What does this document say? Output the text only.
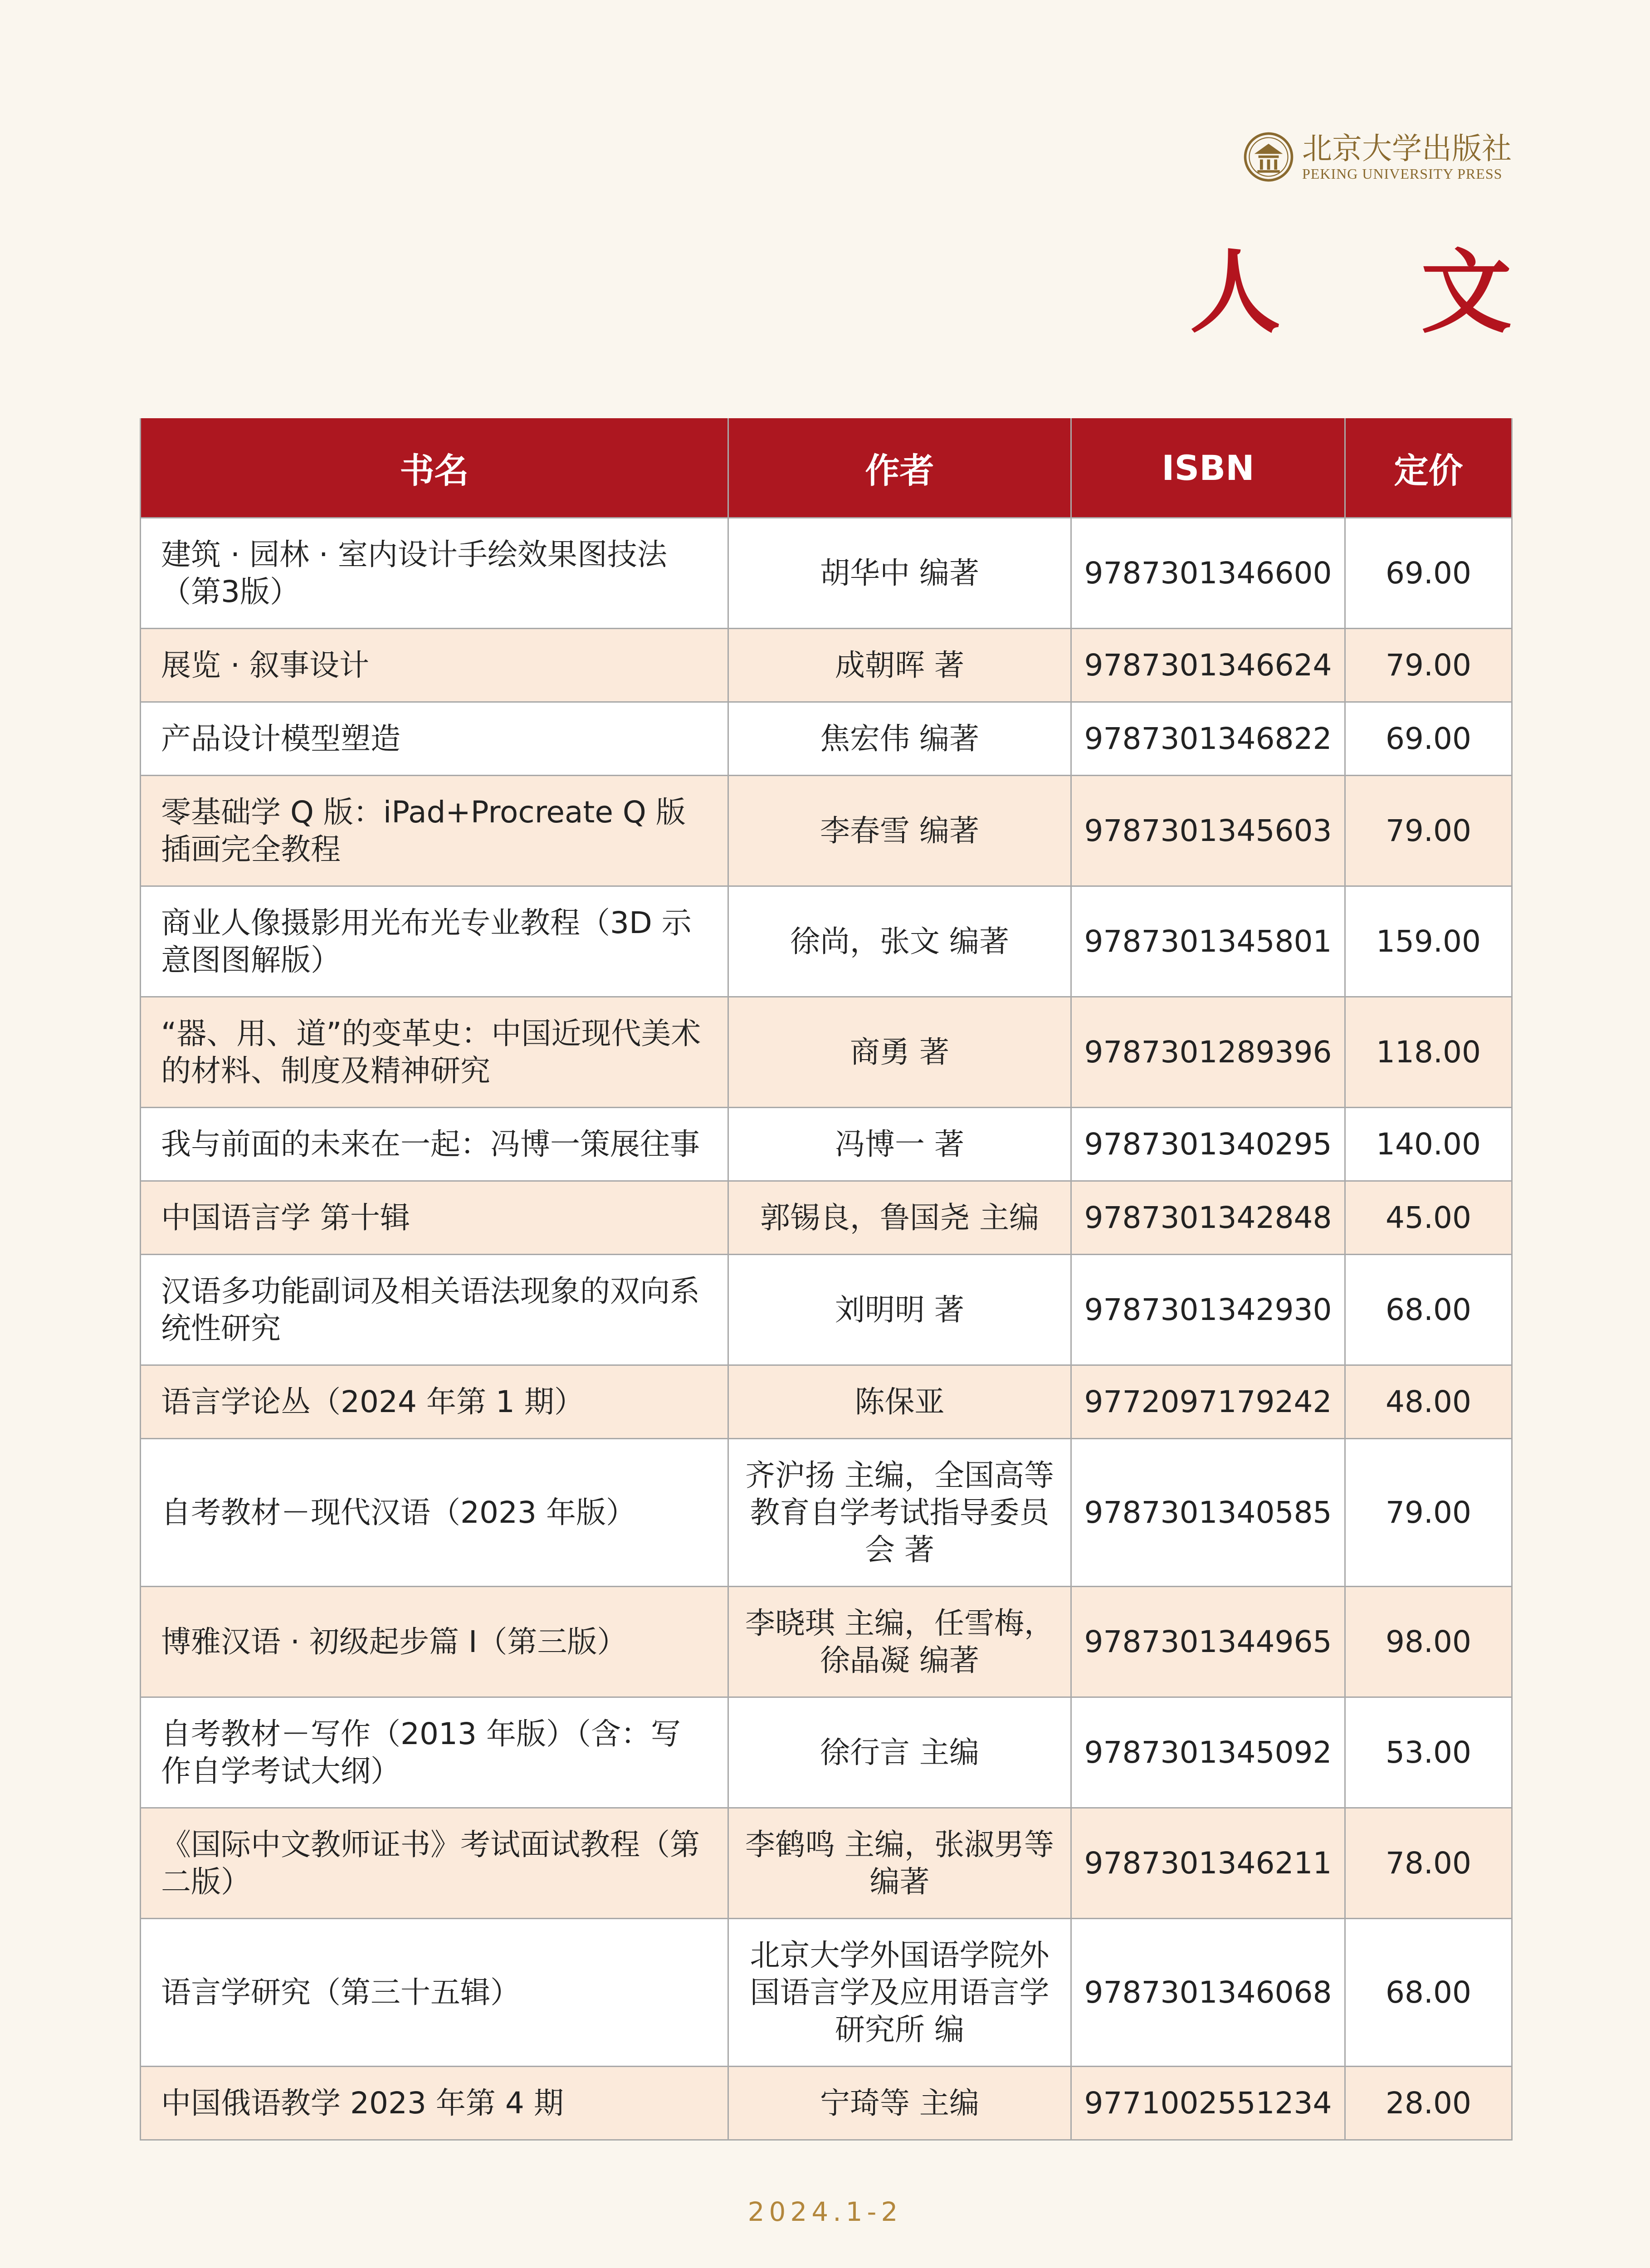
北京大学出版社
PEKING UNIVERSITY PRESS
人 文
书名	作者	ISBN	定价
建筑 · 园林 · 室内设计手绘效果图技法（第3版）	胡华中 编著	9787301346600	69.00
展览 · 叙事设计	成朝晖 著	9787301346624	79.00
产品设计模型塑造	焦宏伟 编著	9787301346822	69.00
零基础学 Q 版：iPad+Procreate Q 版插画完全教程	李春雪 编著	9787301345603	79.00
商业人像摄影用光布光专业教程（3D 示意图图解版）	徐尚，张文 编著	9787301345801	159.00
“器、用、道”的变革史：中国近现代美术的材料、制度及精神研究	商勇 著	9787301289396	118.00
我与前面的未来在一起：冯博一策展往事	冯博一 著	9787301340295	140.00
中国语言学 第十辑	郭锡良，鲁国尧 主编	9787301342848	45.00
汉语多功能副词及相关语法现象的双向系统性研究	刘明明 著	9787301342930	68.00
语言学论丛（2024 年第 1 期）	陈保亚	9772097179242	48.00
自考教材－现代汉语（2023 年版）	齐沪扬 主编，全国高等教育自学考试指导委员会 著	9787301340585	79.00
博雅汉语 · 初级起步篇 I（第三版）	李晓琪 主编，任雪梅，徐晶凝 编著	9787301344965	98.00
自考教材－写作（2013 年版）（含：写作自学考试大纲）	徐行言 主编	9787301345092	53.00
《国际中文教师证书》考试面试教程（第二版）	李鹤鸣 主编，张淑男等 编著	9787301346211	78.00
语言学研究（第三十五辑）	北京大学外国语学院外国语言学及应用语言学研究所 编	9787301346068	68.00
中国俄语教学 2023 年第 4 期	宁琦等 主编	9771002551234	28.00
2024.1-2
